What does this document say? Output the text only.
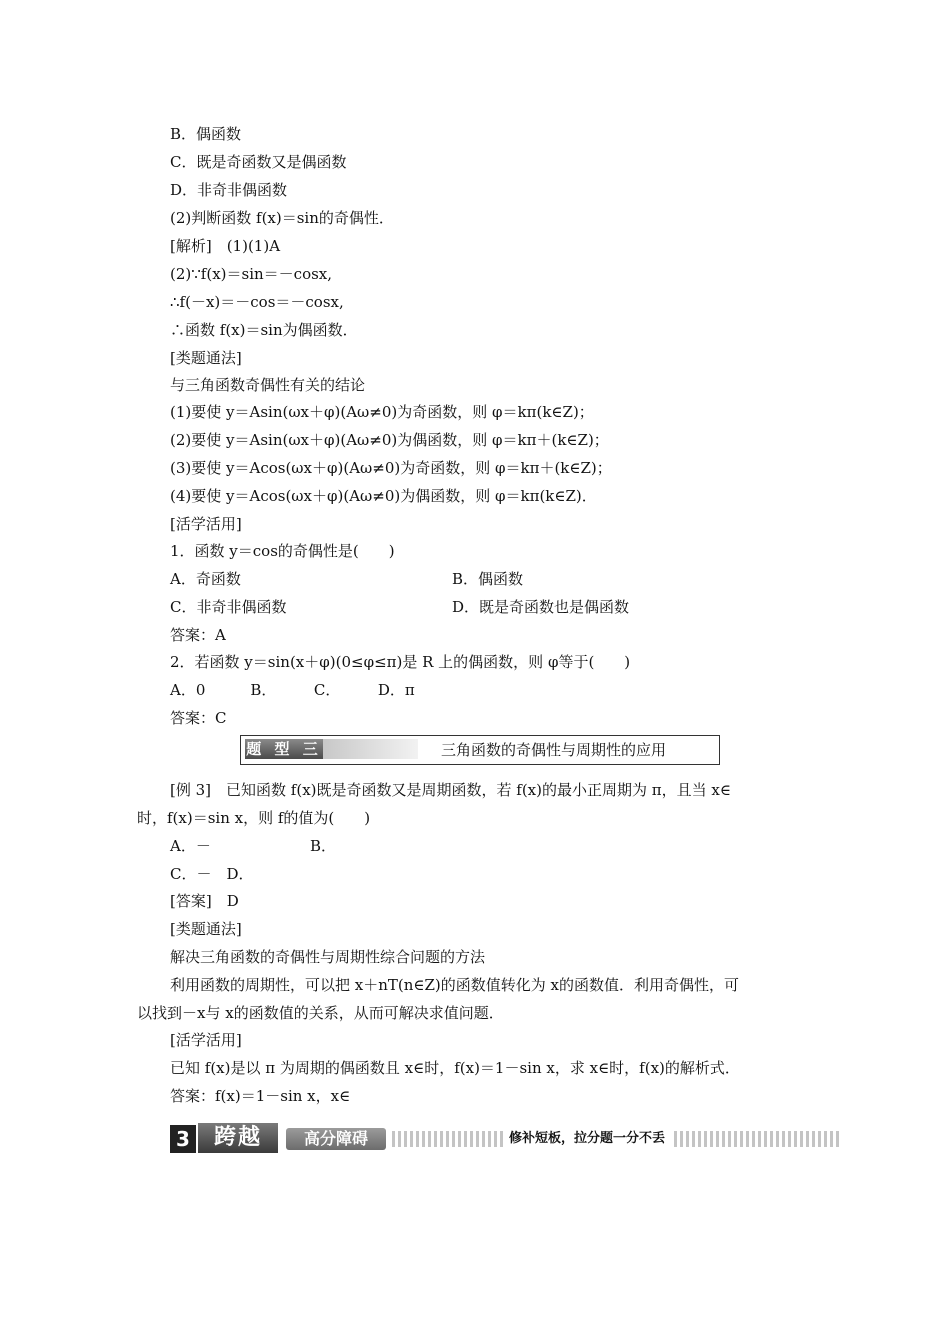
B．偶函数
C．既是奇函数又是偶函数
D．非奇非偶函数
(2)判断函数 f(x)＝sin的奇偶性．
[解析]　(1)(1)A
(2)∵f(x)＝sin＝－cosx,
∴f(－x)＝－cos＝－cosx,
∴函数 f(x)＝sin为偶函数．
[类题通法]
与三角函数奇偶性有关的结论
(1)要使 y＝Asin(ωx＋φ)(Aω≠0)为奇函数，则 φ＝kπ(k∈Z)；
(2)要使 y＝Asin(ωx＋φ)(Aω≠0)为偶函数，则 φ＝kπ＋(k∈Z)；
(3)要使 y＝Acos(ωx＋φ)(Aω≠0)为奇函数，则 φ＝kπ＋(k∈Z)；
(4)要使 y＝Acos(ωx＋φ)(Aω≠0)为偶函数，则 φ＝kπ(k∈Z)．
[活学活用]
1．函数 y＝cos的奇偶性是(　　)
A．奇函数	B．偶函数
C．非奇非偶函数	D．既是奇函数也是偶函数
答案：A
2．若函数 y＝sin(x＋φ)(0≤φ≤π)是 R 上的偶函数，则 φ等于(　　)
A．0　　　B．　　　C．　　　D．π
答案：C
题 型 三	三角函数的奇偶性与周期性的应用
[例 3]　已知函数 f(x)既是奇函数又是周期函数，若 f(x)的最小正周期为 π，且当 x∈
时，f(x)＝sin x，则 f的值为(　　)
A．－	B．
C．－　D．
[答案]　D
[类题通法]
解决三角函数的奇偶性与周期性综合问题的方法
利用函数的周期性，可以把 x＋nT(n∈Z)的函数值转化为 x的函数值．利用奇偶性，可
以找到－x与 x的函数值的关系，从而可解决求值问题．
[活学活用]
已知 f(x)是以 π 为周期的偶函数且 x∈时，f(x)＝1－sin x，求 x∈时，f(x)的解析式．
答案：f(x)＝1－sin x，x∈
3	跨越	高分障碍	修补短板，拉分题一分不丢
